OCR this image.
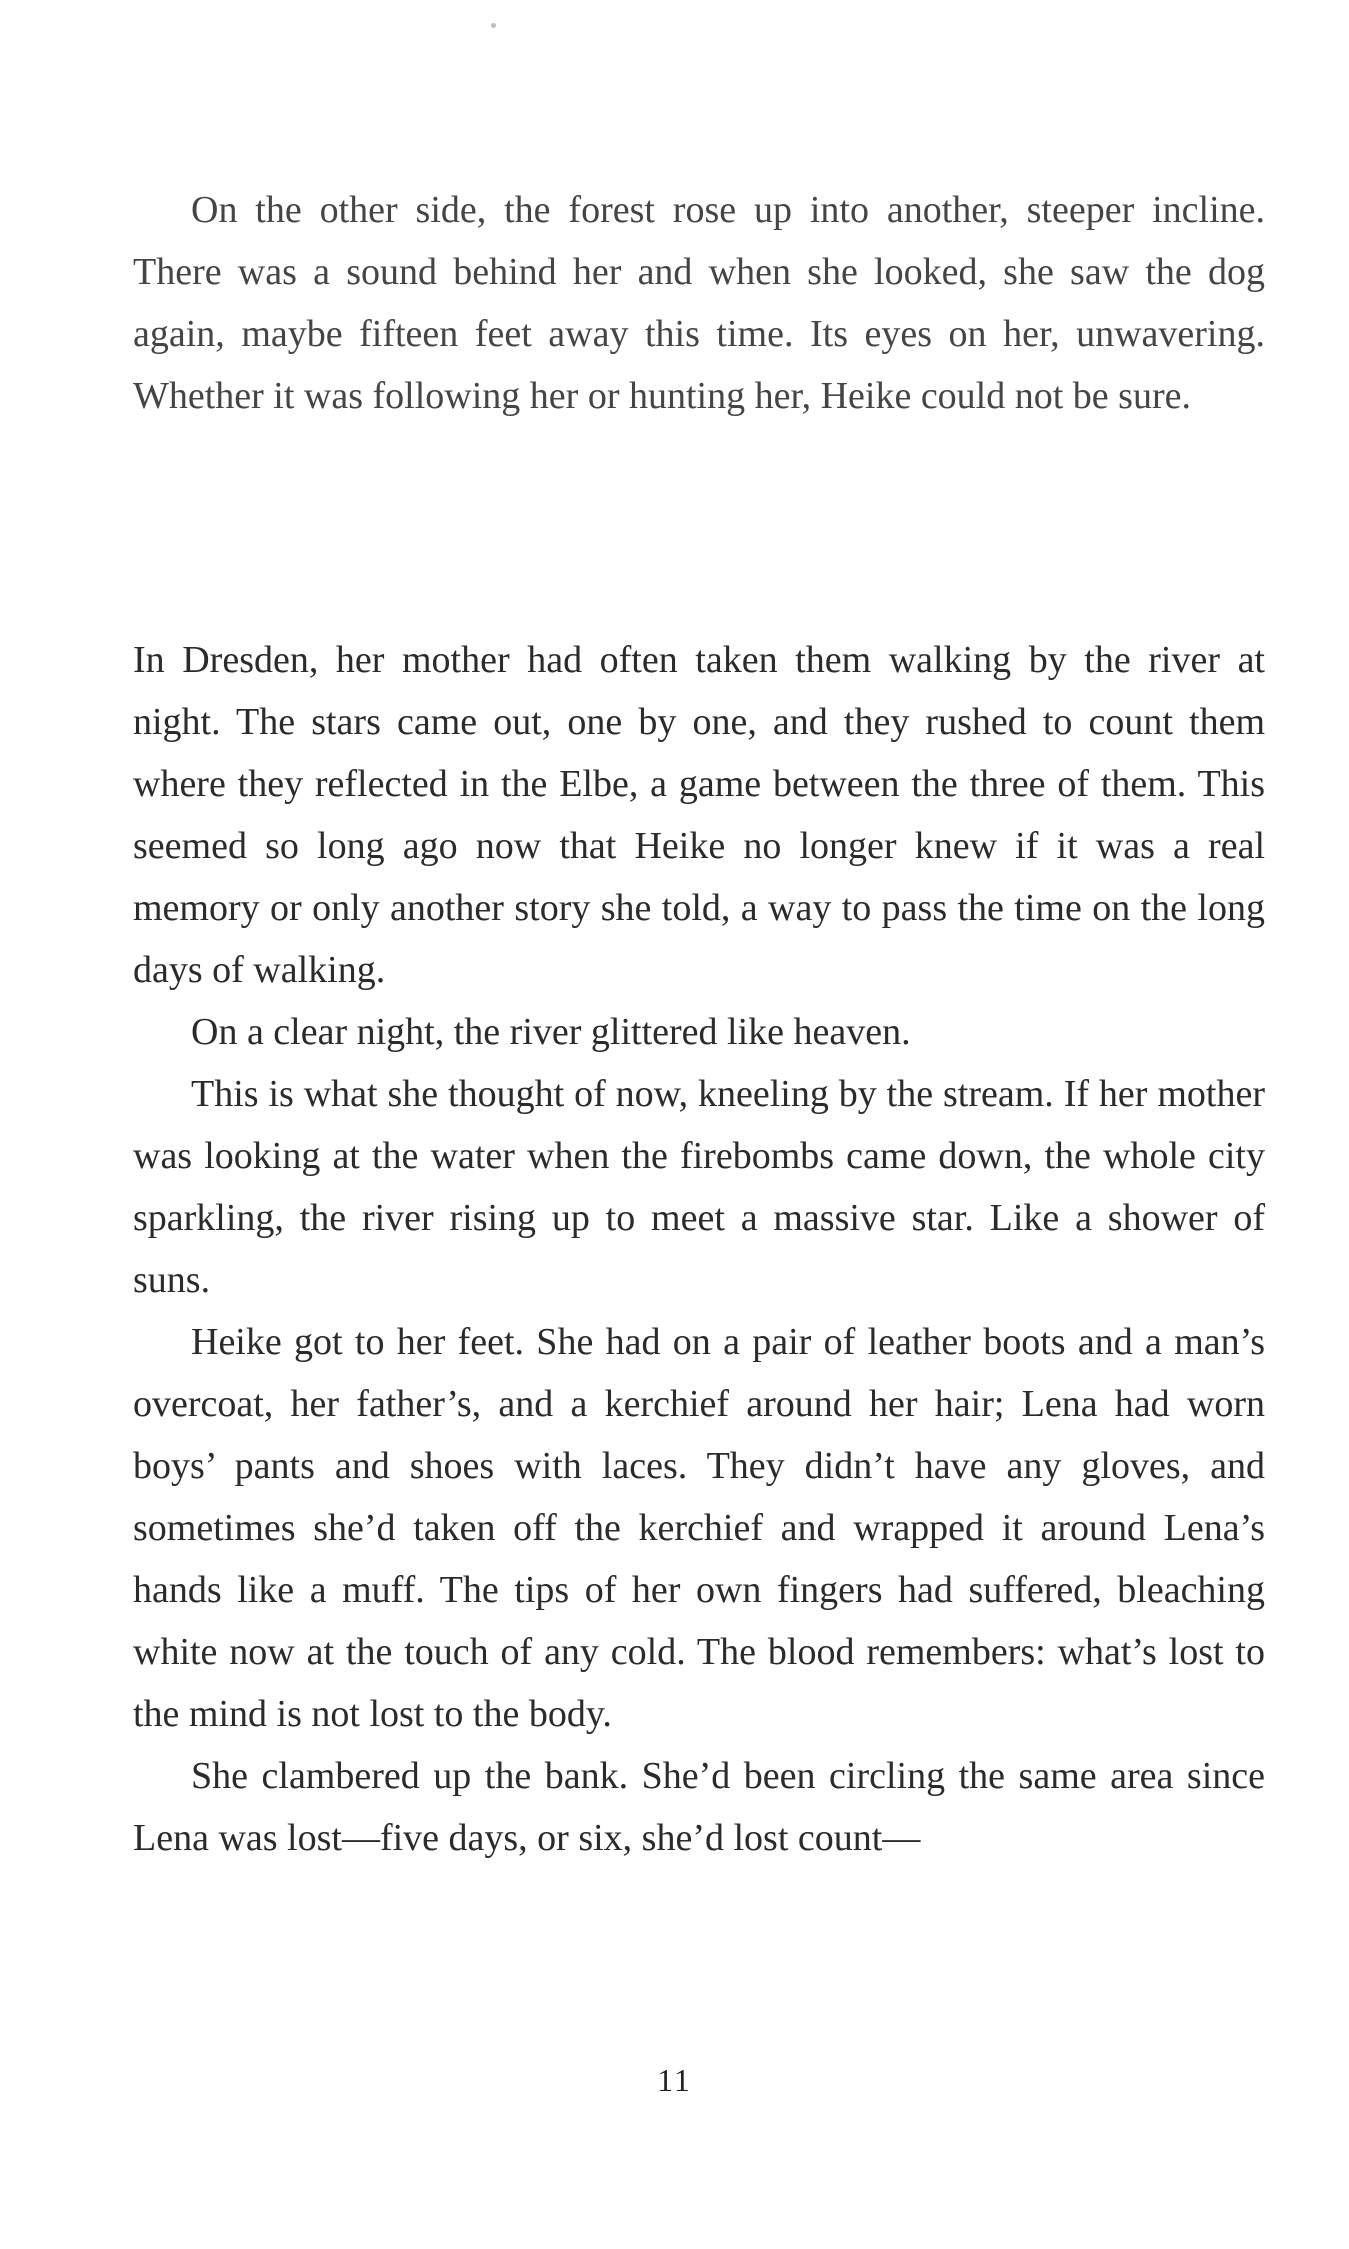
On the other side, the forest rose up into another, steeper incline. There was a sound behind her and when she looked, she saw the dog again, maybe fifteen feet away this time. Its eyes on her, unwavering. Whether it was following her or hunting her, Heike could not be sure.

In Dresden, her mother had often taken them walking by the river at night. The stars came out, one by one, and they rushed to count them where they reflected in the Elbe, a game between the three of them. This seemed so long ago now that Heike no longer knew if it was a real memory or only another story she told, a way to pass the time on the long days of walking.

On a clear night, the river glittered like heaven.

This is what she thought of now, kneeling by the stream. If her mother was looking at the water when the firebombs came down, the whole city sparkling, the river rising up to meet a massive star. Like a shower of suns.

Heike got to her feet. She had on a pair of leather boots and a man’s overcoat, her father’s, and a kerchief around her hair; Lena had worn boys’ pants and shoes with laces. They didn’t have any gloves, and sometimes she’d taken off the kerchief and wrapped it around Lena’s hands like a muff. The tips of her own fingers had suffered, bleaching white now at the touch of any cold. The blood remembers: what’s lost to the mind is not lost to the body.

She clambered up the bank. She’d been circling the same area since Lena was lost—five days, or six, she’d lost count—

11
